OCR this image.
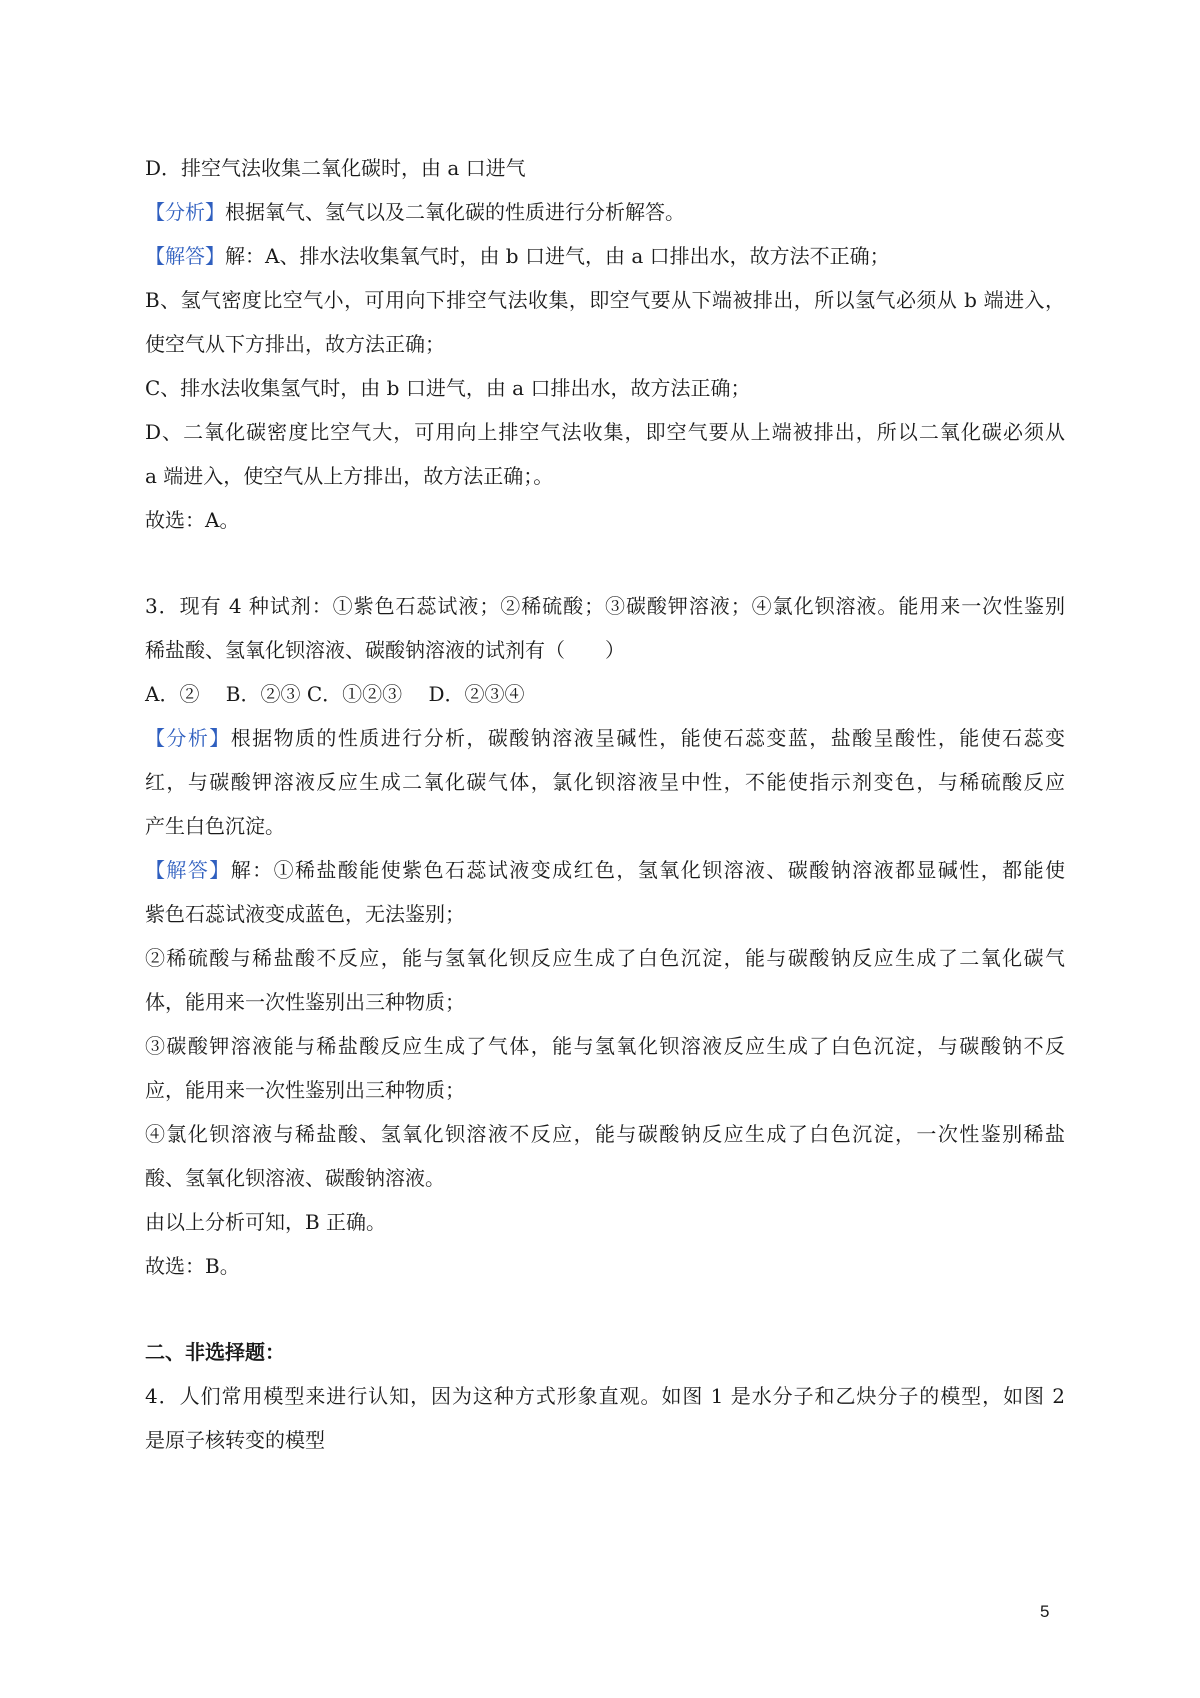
D．排空气法收集二氧化碳时，由 a 口进气
【分析】根据氧气、氢气以及二氧化碳的性质进行分析解答。
【解答】解：A、排水法收集氧气时，由 b 口进气，由 a 口排出水，故方法不正确；
B、氢气密度比空气小，可用向下排空气法收集，即空气要从下端被排出，所以氢气必须从 b 端进入，
使空气从下方排出，故方法正确；
C、排水法收集氢气时，由 b 口进气，由 a 口排出水，故方法正确；
D、二氧化碳密度比空气大，可用向上排空气法收集，即空气要从上端被排出，所以二氧化碳必须从
a 端进入，使空气从上方排出，故方法正确；。
故选：A。
3．现有 4 种试剂：①紫色石蕊试液；②稀硫酸；③碳酸钾溶液；④氯化钡溶液。能用来一次性鉴别
稀盐酸、氢氧化钡溶液、碳酸钠溶液的试剂有（　　）
A．②　 B．②③ C．①②③　 D．②③④
【分析】根据物质的性质进行分析，碳酸钠溶液呈碱性，能使石蕊变蓝，盐酸呈酸性，能使石蕊变
红，与碳酸钾溶液反应生成二氧化碳气体，氯化钡溶液呈中性，不能使指示剂变色，与稀硫酸反应
产生白色沉淀。
【解答】解：①稀盐酸能使紫色石蕊试液变成红色，氢氧化钡溶液、碳酸钠溶液都显碱性，都能使
紫色石蕊试液变成蓝色，无法鉴别；
②稀硫酸与稀盐酸不反应，能与氢氧化钡反应生成了白色沉淀，能与碳酸钠反应生成了二氧化碳气
体，能用来一次性鉴别出三种物质；
③碳酸钾溶液能与稀盐酸反应生成了气体，能与氢氧化钡溶液反应生成了白色沉淀，与碳酸钠不反
应，能用来一次性鉴别出三种物质；
④氯化钡溶液与稀盐酸、氢氧化钡溶液不反应，能与碳酸钠反应生成了白色沉淀，一次性鉴别稀盐
酸、氢氧化钡溶液、碳酸钠溶液。
由以上分析可知，B 正确。
故选：B。
二、非选择题：
4．人们常用模型来进行认知，因为这种方式形象直观。如图 1 是水分子和乙炔分子的模型，如图 2
是原子核转变的模型
5
